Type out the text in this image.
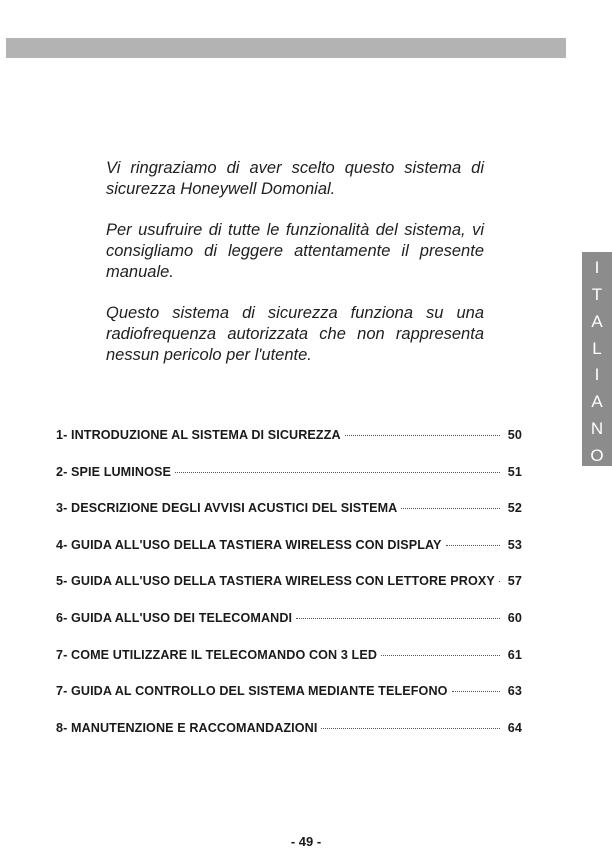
Vi ringraziamo di aver scelto questo sistema di sicurezza Honeywell Domonial.

Per usufruire di tutte le funzionalità del sistema, vi consigliamo di leggere attentamente il presente manuale.

Questo sistema di sicurezza funziona su una radiofrequenza autorizzata che non rappresenta nessun pericolo per l'utente.

I
T
A
L
I
A
N
O
1- INTRODUZIONE AL SISTEMA DI SICUREZZA	50
2- SPIE LUMINOSE	51
3- DESCRIZIONE DEGLI AVVISI ACUSTICI DEL SISTEMA	52
4- GUIDA ALL'USO DELLA TASTIERA WIRELESS CON DISPLAY	53
5- GUIDA ALL'USO DELLA TASTIERA WIRELESS CON LETTORE PROXY 57
6- GUIDA ALL'USO DEI TELECOMANDI	60
7- COME UTILIZZARE IL TELECOMANDO CON 3 LED	61
7- GUIDA AL CONTROLLO DEL SISTEMA MEDIANTE TELEFONO	63
8- MANUTENZIONE E RACCOMANDAZIONI	64
- 49 -
